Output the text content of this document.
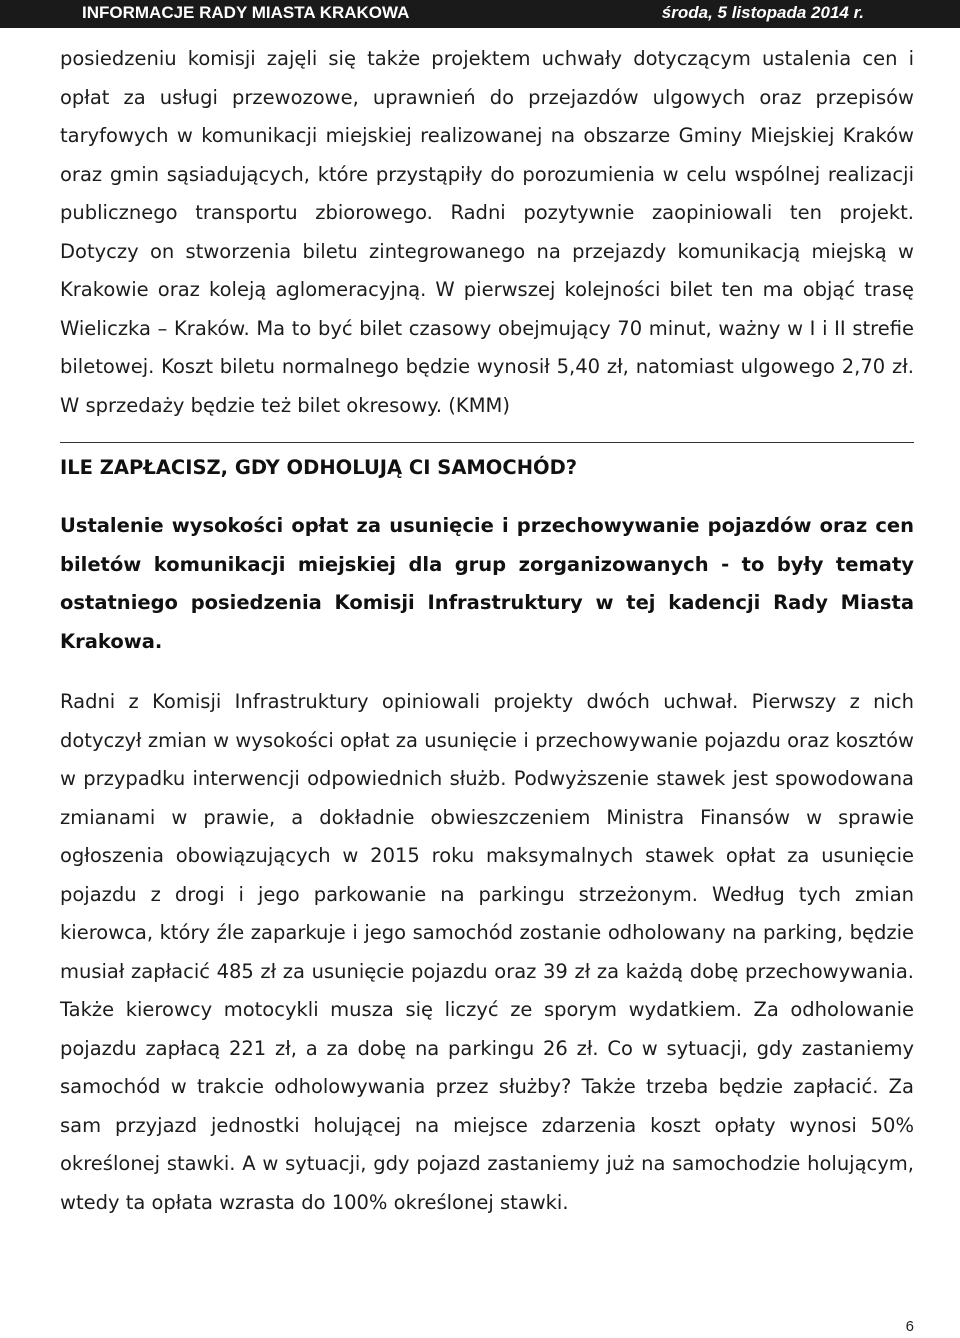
INFORMACJE RADY MIASTA KRAKOWA	środa, 5 listopada 2014 r.

posiedzeniu komisji zajęli się także projektem uchwały dotyczącym ustalenia cen i opłat za usługi przewozowe, uprawnień do przejazdów ulgowych oraz przepisów taryfowych w komunikacji miejskiej realizowanej na obszarze Gminy Miejskiej Kraków oraz gmin sąsiadujących, które przystąpiły do porozumienia w celu wspólnej realizacji publicznego transportu zbiorowego. Radni pozytywnie zaopiniowali ten projekt. Dotyczy on stworzenia biletu zintegrowanego na przejazdy komunikacją miejską w Krakowie oraz koleją aglomeracyjną. W pierwszej kolejności bilet ten ma objąć trasę Wieliczka – Kraków. Ma to być bilet czasowy obejmujący 70 minut, ważny w I i II strefie biletowej. Koszt biletu normalnego będzie wynosił 5,40 zł, natomiast ulgowego 2,70 zł. W sprzedaży będzie też bilet okresowy. (KMM)

ILE ZAPŁACISZ, GDY ODHOLUJĄ CI SAMOCHÓD?

Ustalenie wysokości opłat za usunięcie i przechowywanie pojazdów oraz cen biletów komunikacji miejskiej dla grup zorganizowanych - to były tematy ostatniego posiedzenia Komisji Infrastruktury w tej kadencji Rady Miasta Krakowa.

Radni z Komisji Infrastruktury opiniowali projekty dwóch uchwał. Pierwszy z nich dotyczył zmian w wysokości opłat za usunięcie i przechowywanie pojazdu oraz kosztów w przypadku interwencji odpowiednich służb. Podwyższenie stawek jest spowodowana zmianami w prawie, a dokładnie obwieszczeniem Ministra Finansów w sprawie ogłoszenia obowiązujących w 2015 roku maksymalnych stawek opłat za usunięcie pojazdu z drogi i jego parkowanie na parkingu strzeżonym. Według tych zmian kierowca, który źle zaparkuje i jego samochód zostanie odholowany na parking, będzie musiał zapłacić 485 zł za usunięcie pojazdu oraz 39 zł za każdą dobę przechowywania. Także kierowcy motocykli musza się liczyć ze sporym wydatkiem. Za odholowanie pojazdu zapłacą 221 zł, a za dobę na parkingu 26 zł. Co w sytuacji, gdy zastaniemy samochód w trakcie odholowywania przez służby? Także trzeba będzie zapłacić. Za sam przyjazd jednostki holującej na miejsce zdarzenia koszt opłaty wynosi 50% określonej stawki. A w sytuacji, gdy pojazd zastaniemy już na samochodzie holującym, wtedy ta opłata wzrasta do 100% określonej stawki.

6
